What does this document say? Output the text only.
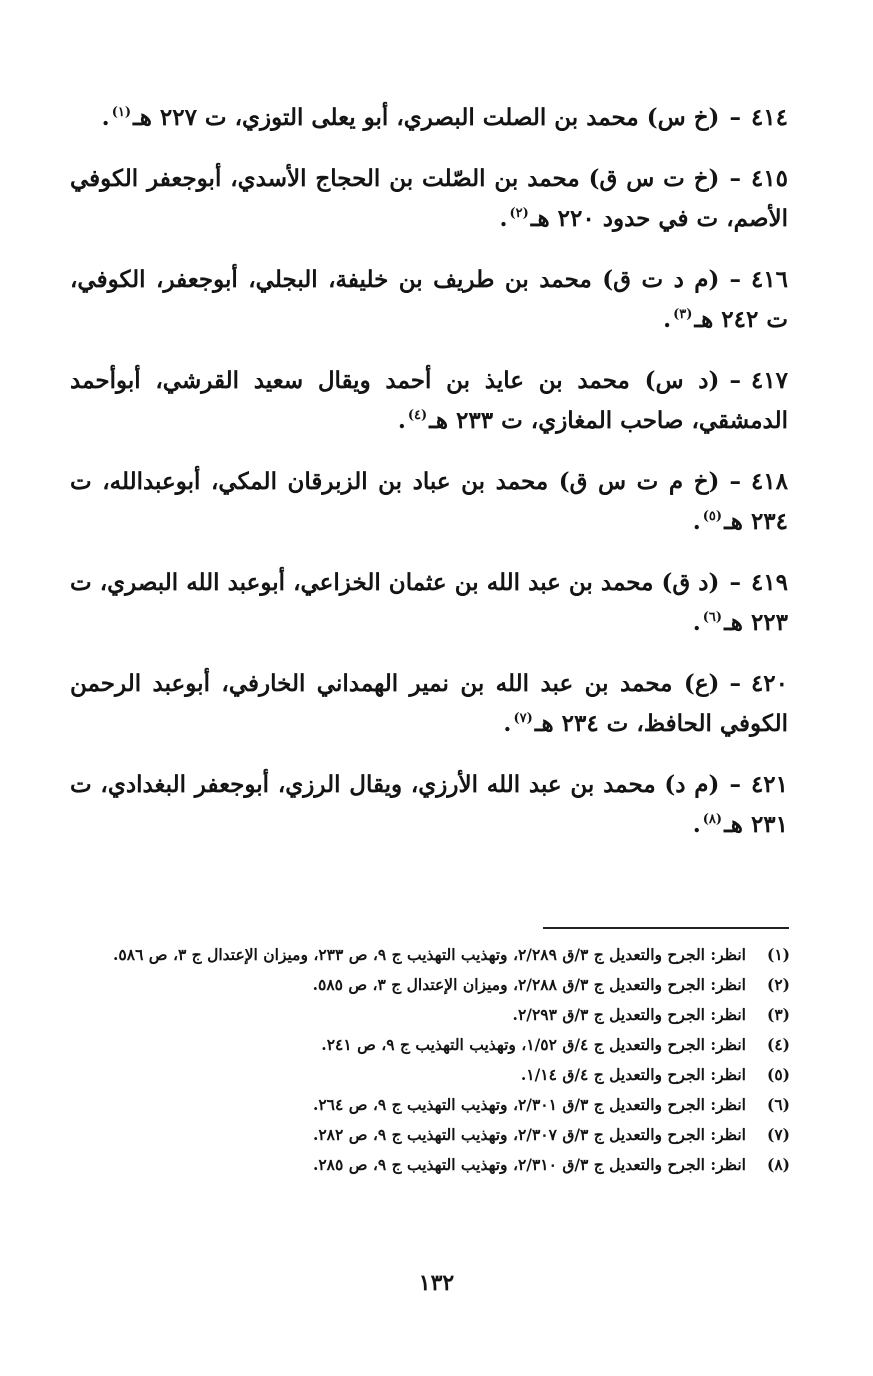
٤١٤–(خ س) محمد بن الصلت البصري، أبو يعلى التوزي، ت ٢٢٧ هـ$^{(١)}$.
٤١٥–(خ ت س ق) محمد بن الصّلت بن الحجاج الأسدي، أبوجعفر الكوفي الأصم، ت في حدود ٢٢٠ هـ$^{(٢)}$.
٤١٦–(م د ت ق) محمد بن طريف بن خليفة، البجلي، أبوجعفر، الكوفي، ت ٢٤٢ هـ$^{(٣)}$.
٤١٧–(د س) محمد بن عايذ بن أحمد ويقال سعيد القرشي، أبوأحمد الدمشقي، صاحب المغازي، ت ٢٣٣ هـ$^{(٤)}$.
٤١٨–(خ م ت س ق) محمد بن عباد بن الزبرقان المكي، أبوعبدالله، ت ٢٣٤ هـ$^{(٥)}$.
٤١٩–(د ق) محمد بن عبد الله بن عثمان الخزاعي، أبوعبد الله البصري، ت ٢٢٣ هـ$^{(٦)}$.
٤٢٠–(ع) محمد بن عبد الله بن نمير الهمداني الخارفي، أبوعبد الرحمن الكوفي الحافظ، ت ٢٣٤ هـ$^{(٧)}$.
٤٢١–(م د) محمد بن عبد الله الأرزي، ويقال الرزي، أبوجعفر البغدادي، ت ٢٣١ هـ$^{(٨)}$.
(١)
انظر: الجرح والتعديل ج ٣/ق ٢/٢٨٩، وتهذيب التهذيب ج ٩، ص ٢٣٣، وميزان الإعتدال ج ٣، ص ٥٨٦.
(٢)
انظر: الجرح والتعديل ج ٣/ق ٢/٢٨٨، وميزان الإعتدال ج ٣، ص ٥٨٥.
(٣)
انظر: الجرح والتعديل ج ٣/ق ٢/٢٩٣.
(٤)
انظر: الجرح والتعديل ج ٤/ق ١/٥٢، وتهذيب التهذيب ج ٩، ص ٢٤١.
(٥)
انظر: الجرح والتعديل ج ٤/ق ١/١٤.
(٦)
انظر: الجرح والتعديل ج ٣/ق ٢/٣٠١، وتهذيب التهذيب ج ٩، ص ٢٦٤.
(٧)
انظر: الجرح والتعديل ج ٣/ق ٢/٣٠٧، وتهذيب التهذيب ج ٩، ص ٢٨٢.
(٨)
انظر: الجرح والتعديل ج ٣/ق ٢/٣١٠، وتهذيب التهذيب ج ٩، ص ٢٨٥.
١٣٢
